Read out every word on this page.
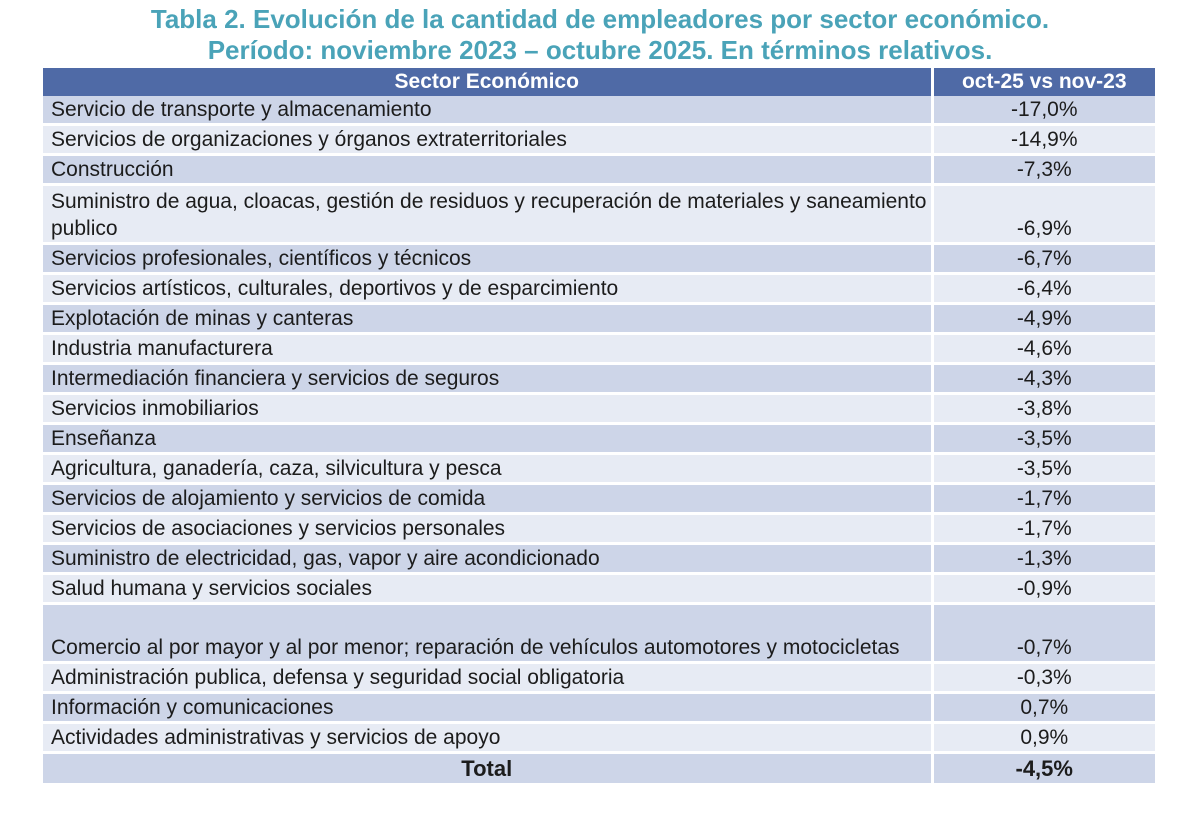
Tabla 2. Evolución de la cantidad de empleadores por sector económico.
Período: noviembre 2023 – octubre 2025. En términos relativos.
Sector Económico	oct-25 vs nov-23
Servicio de transporte y almacenamiento	-17,0%
Servicios de organizaciones y órganos extraterritoriales	-14,9%
Construcción	-7,3%
Suministro de agua, cloacas, gestión de residuos y recuperación de materiales y saneamiento publico	-6,9%
Servicios profesionales, científicos y técnicos	-6,7%
Servicios artísticos, culturales, deportivos y de esparcimiento	-6,4%
Explotación de minas y canteras	-4,9%
Industria manufacturera	-4,6%
Intermediación financiera y servicios de seguros	-4,3%
Servicios inmobiliarios	-3,8%
Enseñanza	-3,5%
Agricultura, ganadería, caza, silvicultura y pesca	-3,5%
Servicios de alojamiento y servicios de comida	-1,7%
Servicios de asociaciones y servicios personales	-1,7%
Suministro de electricidad, gas, vapor y aire acondicionado	-1,3%
Salud humana y servicios sociales	-0,9%
Comercio al por mayor y al por menor; reparación de vehículos automotores y motocicletas	-0,7%
Administración publica, defensa y seguridad social obligatoria	-0,3%
Información y comunicaciones	0,7%
Actividades administrativas y servicios de apoyo	0,9%
Total	-4,5%
